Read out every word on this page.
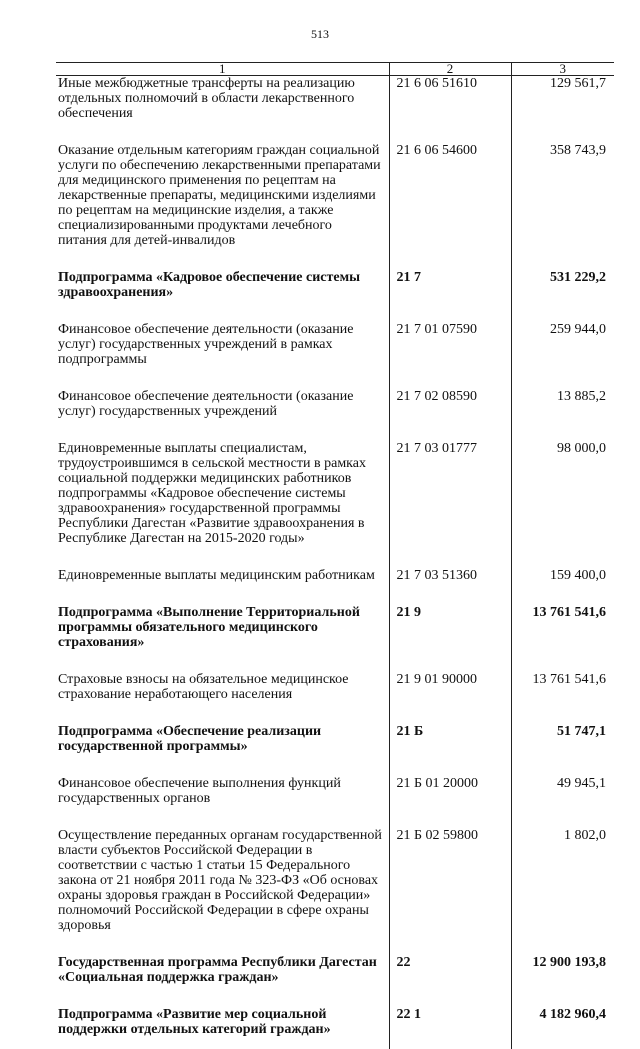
513
1	2	3
Иные межбюджетные трансферты на реализацию отдельных полномочий в области лекарственного обеспечения	21 6 06 51610	129 561,7
Оказание отдельным категориям граждан социальной услуги по обеспечению лекарственными препаратами для медицинского применения по рецептам на лекарственные препараты, медицинскими изделиями по рецептам на медицинские изделия, а также специализированными продуктами лечебного питания для детей-инвалидов	21 6 06 54600	358 743,9
Подпрограмма «Кадровое обеспечение системы здравоохранения»	21 7	531 229,2
Финансовое обеспечение деятельности (оказание услуг) государственных учреждений в рамках подпрограммы	21 7 01 07590	259 944,0
Финансовое обеспечение деятельности (оказание услуг) государственных учреждений	21 7 02 08590	13 885,2
Единовременные выплаты специалистам, трудоустроившимся в сельской местности в рамках социальной поддержки медицинских работников подпрограммы «Кадровое обеспечение системы здравоохранения» государственной программы Республики Дагестан «Развитие здравоохранения в Республике Дагестан на 2015-2020 годы»	21 7 03 01777	98 000,0
Единовременные выплаты медицинским работникам	21 7 03 51360	159 400,0
Подпрограмма «Выполнение Территориальной программы обязательного медицинского страхования»	21 9	13 761 541,6
Страховые взносы на обязательное медицинское страхование неработающего населения	21 9 01 90000	13 761 541,6
Подпрограмма «Обеспечение реализации государственной программы»	21 Б	51 747,1
Финансовое обеспечение выполнения функций государственных органов	21 Б 01 20000	49 945,1
Осуществление переданных органам государственной власти субъектов Российской Федерации в соответствии с частью 1 статьи 15 Федерального закона от 21 ноября 2011 года № 323-ФЗ «Об основах охраны здоровья граждан в Российской Федерации» полномочий Российской Федерации в сфере охраны здоровья	21 Б 02 59800	1 802,0
Государственная программа Республики Дагестан «Социальная поддержка граждан»	22	12 900 193,8
Подпрограмма «Развитие мер социальной поддержки отдельных категорий граждан»	22 1	4 182 960,4
